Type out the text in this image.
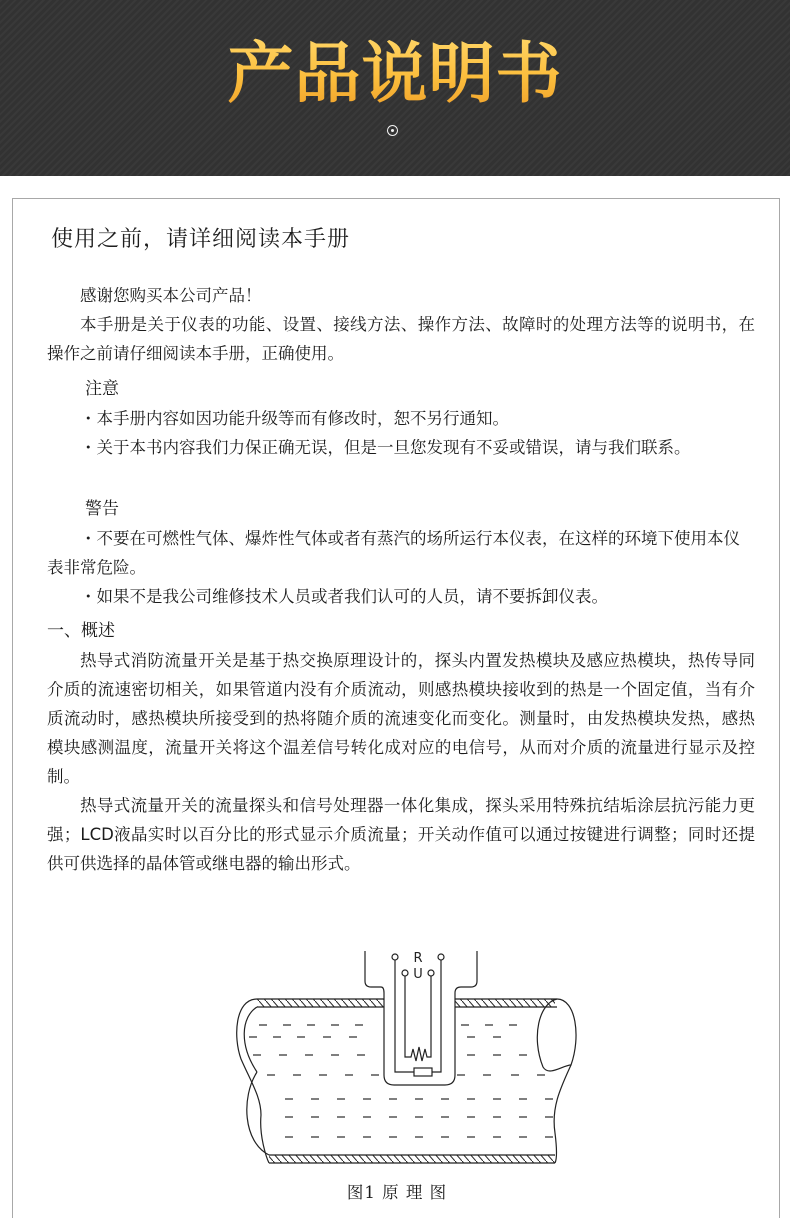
产品说明书
使用之前，请详细阅读本手册

感谢您购买本公司产品！

本手册是关于仪表的功能、设置、接线方法、操作方法、故障时的处理方法等的说明书，在操作之前请仔细阅读本手册，正确使用。

注意

・本手册内容如因功能升级等而有修改时，恕不另行通知。

・关于本书内容我们力保正确无误，但是一旦您发现有不妥或错误，请与我们联系。

警告

・不要在可燃性气体、爆炸性气体或者有蒸汽的场所运行本仪表，在这样的环境下使用本仪表非常危险。

・如果不是我公司维修技术人员或者我们认可的人员，请不要拆卸仪表。

一、概述

热导式消防流量开关是基于热交换原理设计的，探头内置发热模块及感应热模块，热传导同介质的流速密切相关，如果管道内没有介质流动，则感热模块接收到的热是一个固定值，当有介质流动时，感热模块所接受到的热将随介质的流速变化而变化。测量时，由发热模块发热，感热模块感测温度，流量开关将这个温差信号转化成对应的电信号，从而对介质的流量进行显示及控制。

热导式流量开关的流量探头和信号处理器一体化集成，探头采用特殊抗结垢涂层抗污能力更强；LCD液晶实时以百分比的形式显示介质流量；开关动作值可以通过按键进行调整；同时还提供可供选择的晶体管或继电器的输出形式。

R
U
图1 原 理 图
